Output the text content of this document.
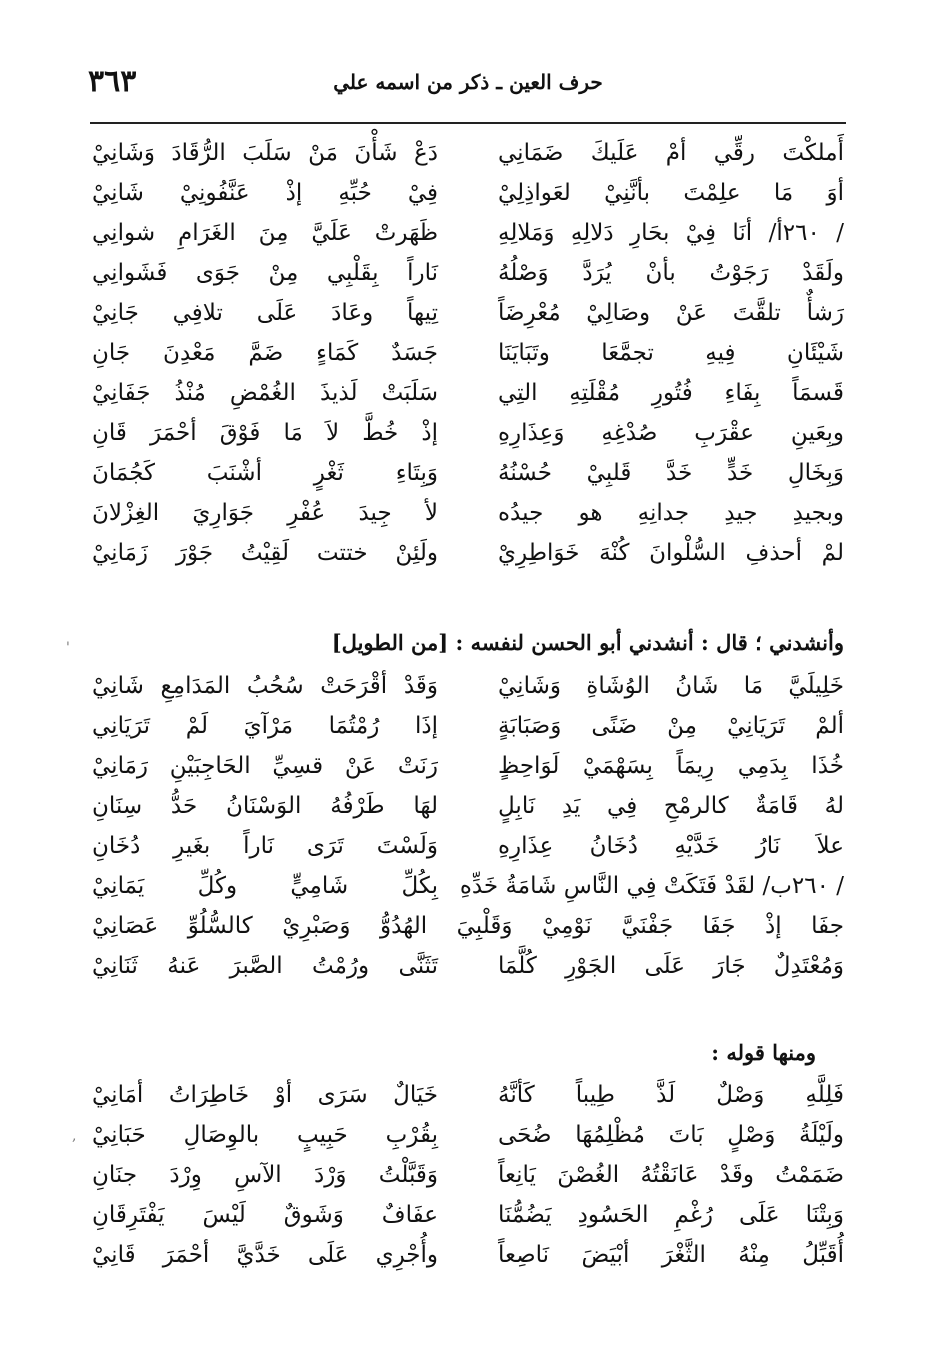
٣٦٣	حرف العين ـ ذكر من اسمه علي
أَملكْتَ رقِّي أمْ عَلَيكَ ضَمَانِي
دَعْ شَأْنَ مَنْ سَلَبَ الرُّقَادَ وَشَانِيْ
أوَ مَا علِمْتَ بأنَّنِيْ لعَواذِلِيْ
فِيْ حُبِّهِ إذْ عَنَّفُونِيْ شَانِيْ
/ ٢٦٠أ/ أنَا فِيْ بحَارِ دَلالِهِ وَمَلالِهِ
ظَهَرتْ عَلَيَّ مِنَ الغَرَامِ شوانِي
ولَقَدْ رَجَوْتُ بأنْ يُرَدَّ وَصْلُهُ
نَاراً بِقَلْبِي مِنْ جَوَى فَشَوانِي
رَشأٌ تلقَّتَ عَنْ وصَالِيْ مُعْرِضَاً
تِيهاً وعَادَ عَلَى تلافِي جَانِيْ
شَيْئَانِ فِيهِ تجمَّعَا وتَبَايَنَا
جَسَدٌ كَمَاءٍ ضَمَّ مَعْدِنَ جَانِ
قَسمَاً بِفَاءِ فُتُورِ مُقْلَتِهِ التِي
سَلَبَتْ لَذيذَ الغُمْضِ مُنْذُ جَفَانِيْ
وبِعَينِ عقْرَبِ صُدْغِهِ وَعِذَارِهِ
إذْ خُطَّ لاَ مَا فَوْقَ أحْمَرَ قَانِ
وَبِخَالِ خَدٍّ خَدَّ قَلبِيْ حُسْنُهُ
وَبِتَاءِ ثَغْرٍ أشْنَبَ كَجُمَانَ
وبجيدِ جيدِ جدانِهِ هو جيدُه
لأ جِيدَ عُفْرِ جَوَارِيَ الغِزْلانَ
لمْ أحذفِ السُّلْوانَ كُنْهَ خَوَاطِرِيْ
ولَئِنْ ختتت لَقِيْتُ جَوْرَ زَمَانِيْ
'	وأنشدني ؛ قال : أنشدني أبو الحسن لنفسه : [من الطويل]
خَلِيلَيَّ مَا شَانُ الوُشَاةِ وَشَانِيْ
وَقَدْ أقْرَحَتْ سُحُبُ المَدَامِعِ شَانِيْ
ألمْ تَرَيَانِيْ مِنْ ضَنًى وَصَبَابَةٍ
إذَا رُمْتُمَا مَرْآيَ لَمْ تَرَيَانِي
خُذَا بِدَمِي رِيمَاً بِسَهْمَيْ لَوَاحِظٍ
رَنَتْ عَنْ قسِيِّ الحَاجِبَيْنِ رَمَانِيْ
لهُ قَامَةٌ كالرمْحِ فِي يَدِ نَابِلٍ
لهَا طَرْفُهُ الوَسْنَانُ حَدُّ سِنَانِ
علاَ نَارُ خَدَّيْهِ دُخَانُ عِذَارِهِ
وَلَسْتَ تَرَى نَاراً بغَيرِ دُخَانِ
/ ٢٦٠ب/ لقَدْ فَتَكَتْ فِي النَّاسِ شَامَةُ خَدِّهِ
بِكُلِّ شَامِيٍّ وكُلِّ يَمَانِيْ
جفَا إذْ جَفَا جَفْنَيَّ نَوْمِيْ وَقَلْبِيَ الهُدُوُّ وَصَبْرِيْ كالسُّلُوِّ عَصَانِيْ
وَمُعْتَدِلٌ جَارَ عَلَى الجَوْرِ كُلَّمَا
تَثَنَّى ورُمْتُ الصَّبرَ عَنهُ ثَنَانِيْ
ومنها قوله :
,
فَلِلَّهِ وَصْلٌ لَذَّ طِيباً كَأنَّهُ
خَيَالٌ سَرَى أوْ خَاطِرَاتُ أمَانِيْ
ولَيْلَةُ وَصْلٍ بَاتَ مُظْلِمُهَا ضُحَى
بِقُرْبِ حَبِيبٍ بالوِصَالِ حَبَانِيْ
ضَمَمْتُ وقَدْ عَانَقْتُهُ الغُصْنَ يَانِعاً
وَقَبَّلْتُ وَرْدَ الآسِ وِرْدَ جنَانِ
وَبِتْنَا عَلَى رُغْمِ الحَسُودِ يَضُمُّنَا
عفَافٌ وَشَوقٌ لَيْسَ يَفْتَرِقَانِ
أُقَبِّلُ مِنْهُ الثَّغْرَ أبْيَضَ نَاصِعاً
وأُجْرِي عَلَى خَدَّيَّ أحْمَرَ قَانِيْ
